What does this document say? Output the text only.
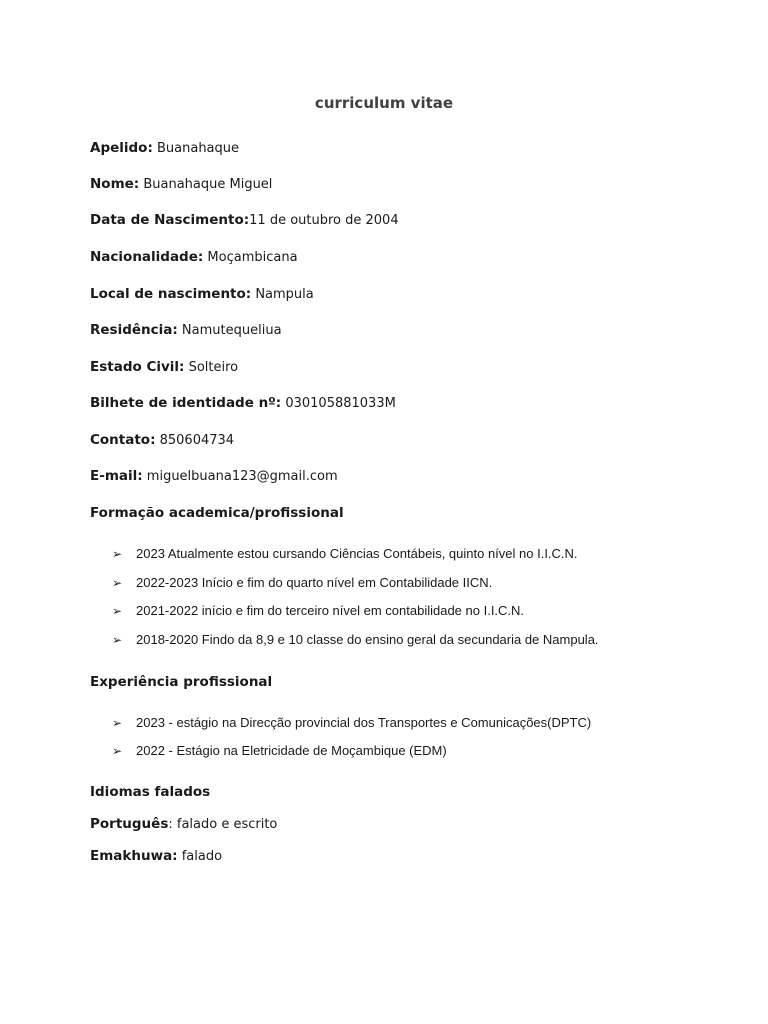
curriculum vitae
Apelido: Buanahaque
Nome: Buanahaque Miguel
Data de Nascimento:11 de outubro de 2004
Nacionalidade: Moçambicana
Local de nascimento: Nampula
Residência: Namutequeliua
Estado Civil: Solteiro
Bilhete de identidade nº: 030105881033M
Contato: 850604734
E-mail: miguelbuana123@gmail.com
Formação academica/profissional
➢ 2023 Atualmente estou cursando Ciências Contábeis, quinto nível no I.I.C.N.
➢ 2022-2023 Início e fim do quarto nível em Contabilidade IICN.
➢ 2021-2022 início e fim do terceiro nível em contabilidade no I.I.C.N.
➢ 2018-2020 Findo da 8,9 e 10 classe do ensino geral da secundaria de Nampula.
Experiência profissional
➢ 2023 - estágio na Direcção provincial dos Transportes e Comunicações(DPTC)
➢ 2022 - Estágio na Eletricidade de Moçambique (EDM)
Idiomas falados
Português: falado e escrito
Emakhuwa: falado
